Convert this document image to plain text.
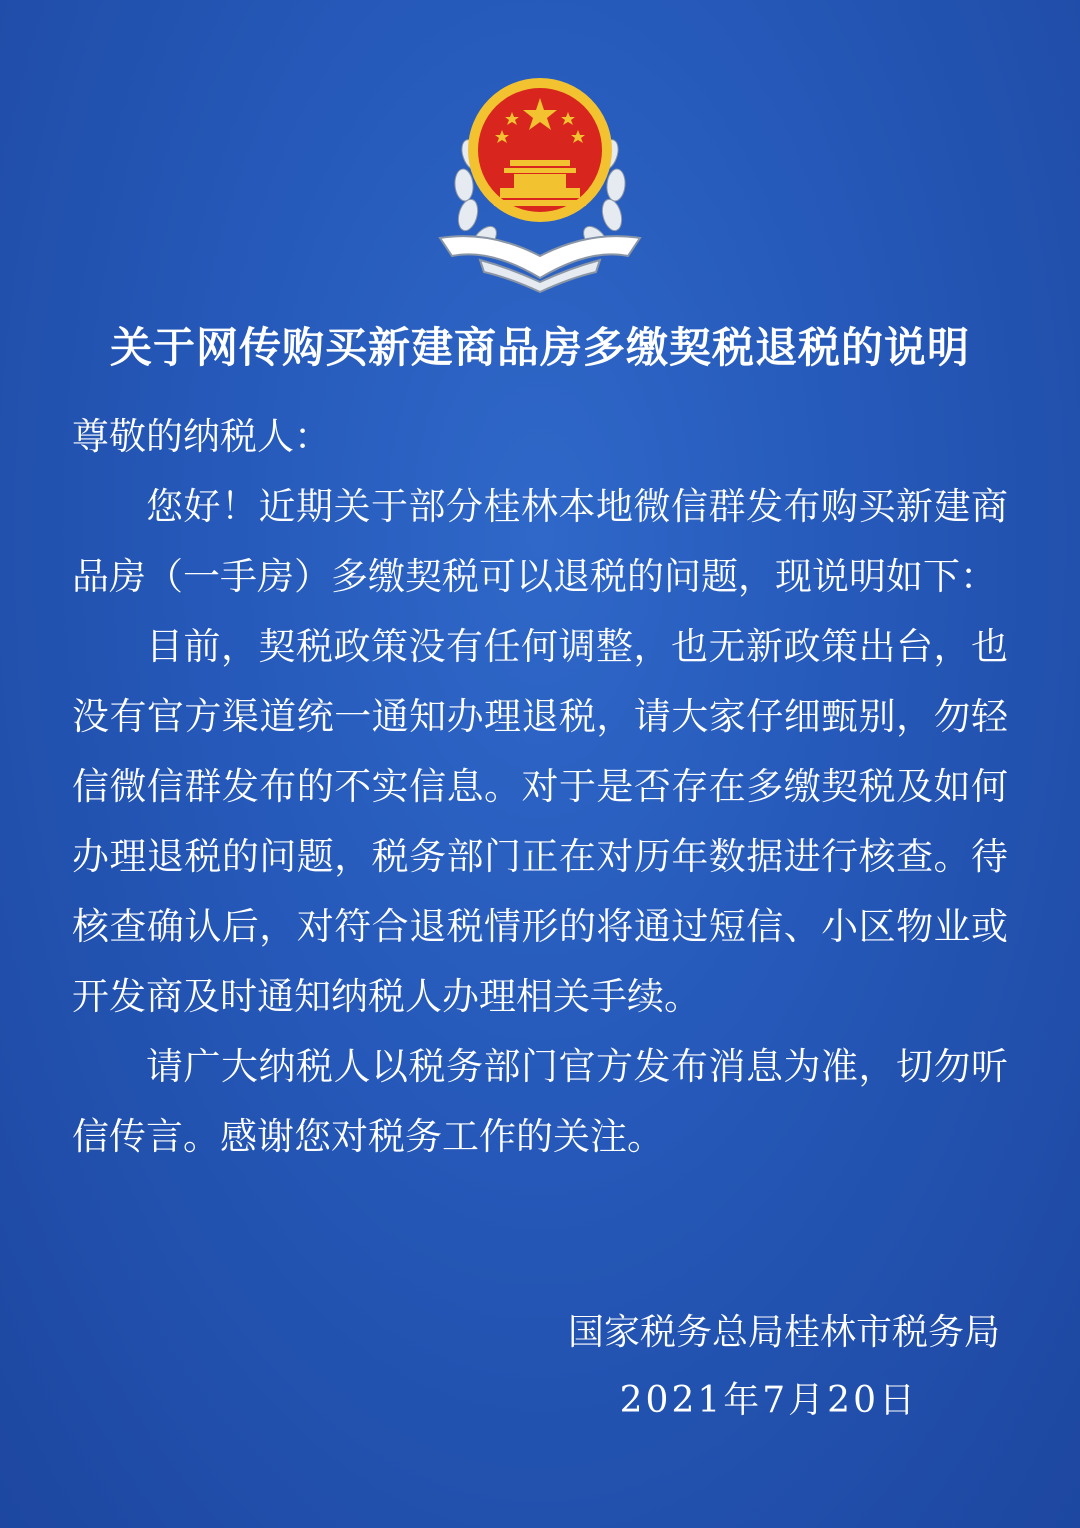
关于网传购买新建商品房多缴契税退税的说明
尊敬的纳税人：

您好！近期关于部分桂林本地微信群发布购买新建商品房（一手房）多缴契税可以退税的问题，现说明如下：

目前，契税政策没有任何调整，也无新政策出台，也没有官方渠道统一通知办理退税，请大家仔细甄别，勿轻信微信群发布的不实信息。对于是否存在多缴契税及如何办理退税的问题，税务部门正在对历年数据进行核查。待核查确认后，对符合退税情形的将通过短信、小区物业或开发商及时通知纳税人办理相关手续。

请广大纳税人以税务部门官方发布消息为准，切勿听信传言。感谢您对税务工作的关注。

国家税务总局桂林市税务局
2021年7月20日
